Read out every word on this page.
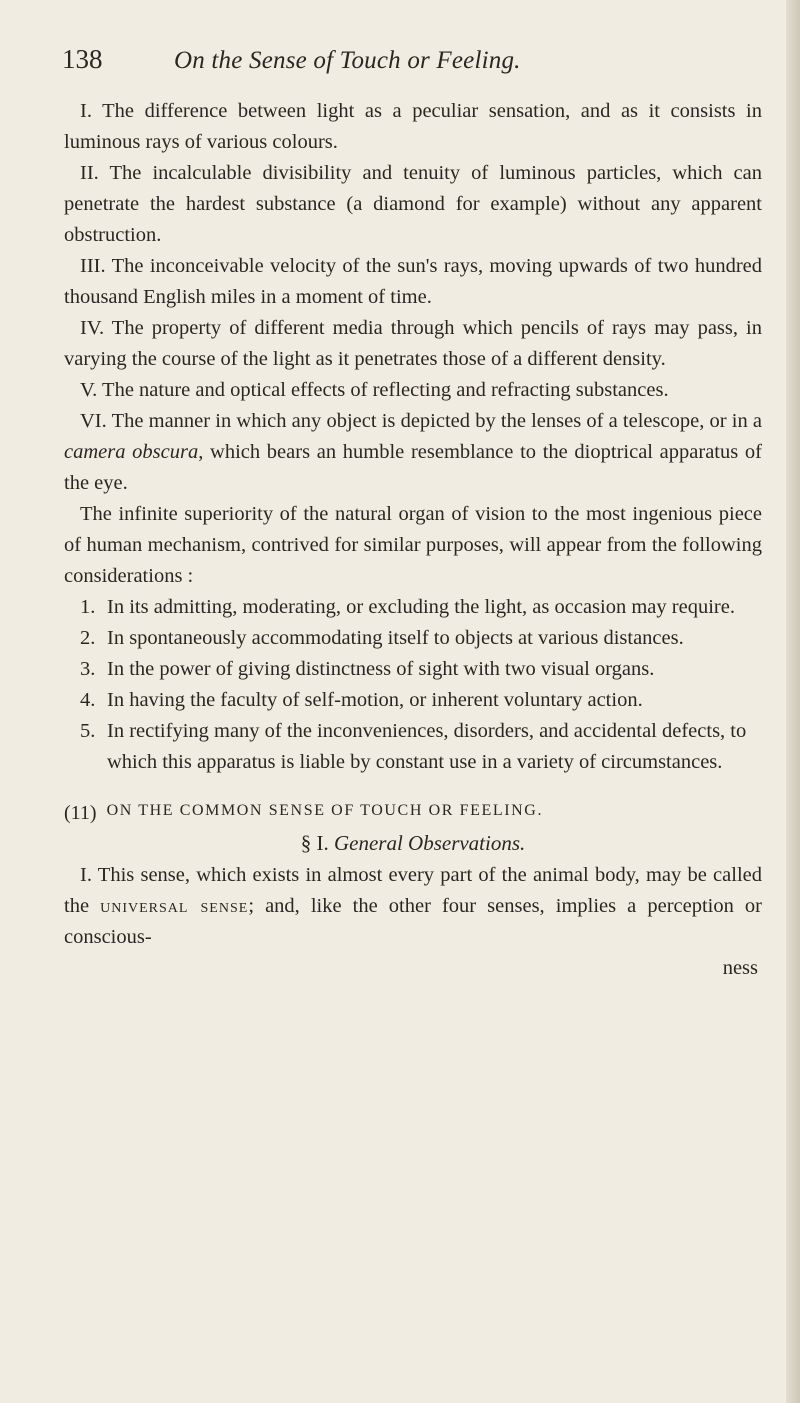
138	On the Sense of Touch or Feeling.

I. The difference between light as a peculiar sensation, and as it consists in luminous rays of various colours.

II. The incalculable divisibility and tenuity of luminous particles, which can penetrate the hardest substance (a diamond for example) without any apparent obstruction.

III. The inconceivable velocity of the sun's rays, moving upwards of two hundred thousand English miles in a moment of time.

IV. The property of different media through which pencils of rays may pass, in varying the course of the light as it penetrates those of a different density.

V. The nature and optical effects of reflecting and refracting substances.

VI. The manner in which any object is depicted by the lenses of a telescope, or in a camera obscura, which bears an humble resemblance to the dioptrical apparatus of the eye.

The infinite superiority of the natural organ of vision to the most ingenious piece of human mechanism, contrived for similar purposes, will appear from the following considerations :

1. In its admitting, moderating, or excluding the light, as occasion may require.
2. In spontaneously accommodating itself to objects at various distances.
3. In the power of giving distinctness of sight with two visual organs.
4. In having the faculty of self-motion, or inherent voluntary action.
5. In rectifying many of the inconveniences, disorders, and accidental defects, to which this apparatus is liable by constant use in a variety of circumstances.
(11) ON THE COMMON SENSE OF TOUCH OR FEELING.
§ I. General Observations.

I. This sense, which exists in almost every part of the animal body, may be called the universal sense; and, like the other four senses, implies a perception or conscious-

ness
